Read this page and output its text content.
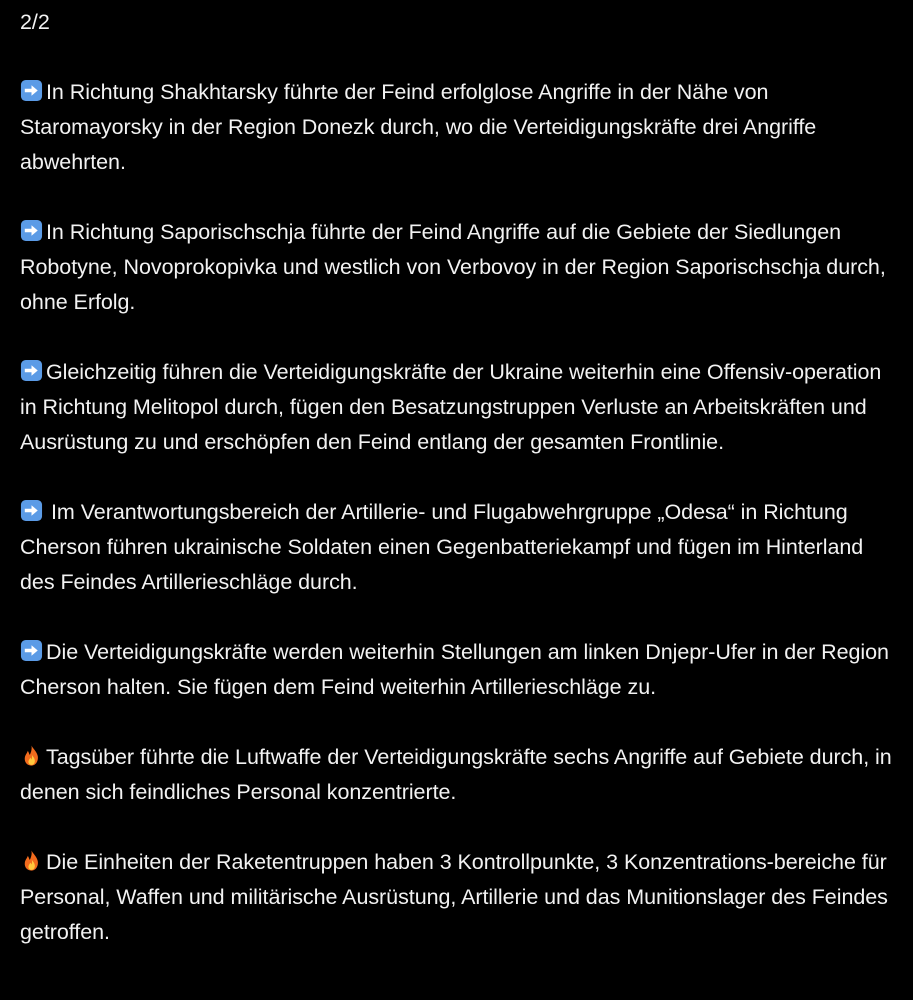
2/2

In Richtung Shakhtarsky führte der Feind erfolglose Angriffe in der Nähe von Staromayorsky in der Region Donezk durch, wo die Verteidigungskräfte drei Angriffe abwehrten.

In Richtung Saporischschja führte der Feind Angriffe auf die Gebiete der Siedlungen Robotyne, Novoprokopivka und westlich von Verbovoy in der Region Saporischschja durch, ohne Erfolg.

Gleichzeitig führen die Verteidigungskräfte der Ukraine weiterhin eine Offensiv-operation in Richtung Melitopol durch, fügen den Besatzungstruppen Verluste an Arbeitskräften und Ausrüstung zu und erschöpfen den Feind entlang der gesamten Frontlinie.

Im Verantwortungsbereich der Artillerie- und Flugabwehrgruppe „Odesa“ in Richtung Cherson führen ukrainische Soldaten einen Gegenbatteriekampf und fügen im Hinterland des Feindes Artillerieschläge durch.

Die Verteidigungskräfte werden weiterhin Stellungen am linken Dnjepr-Ufer in der Region Cherson halten. Sie fügen dem Feind weiterhin Artillerieschläge zu.

Tagsüber führte die Luftwaffe der Verteidigungskräfte sechs Angriffe auf Gebiete durch, in denen sich feindliches Personal konzentrierte.

Die Einheiten der Raketentruppen haben 3 Kontrollpunkte, 3 Konzentrations-bereiche für Personal, Waffen und militärische Ausrüstung, Artillerie und das Munitionslager des Feindes getroffen.
